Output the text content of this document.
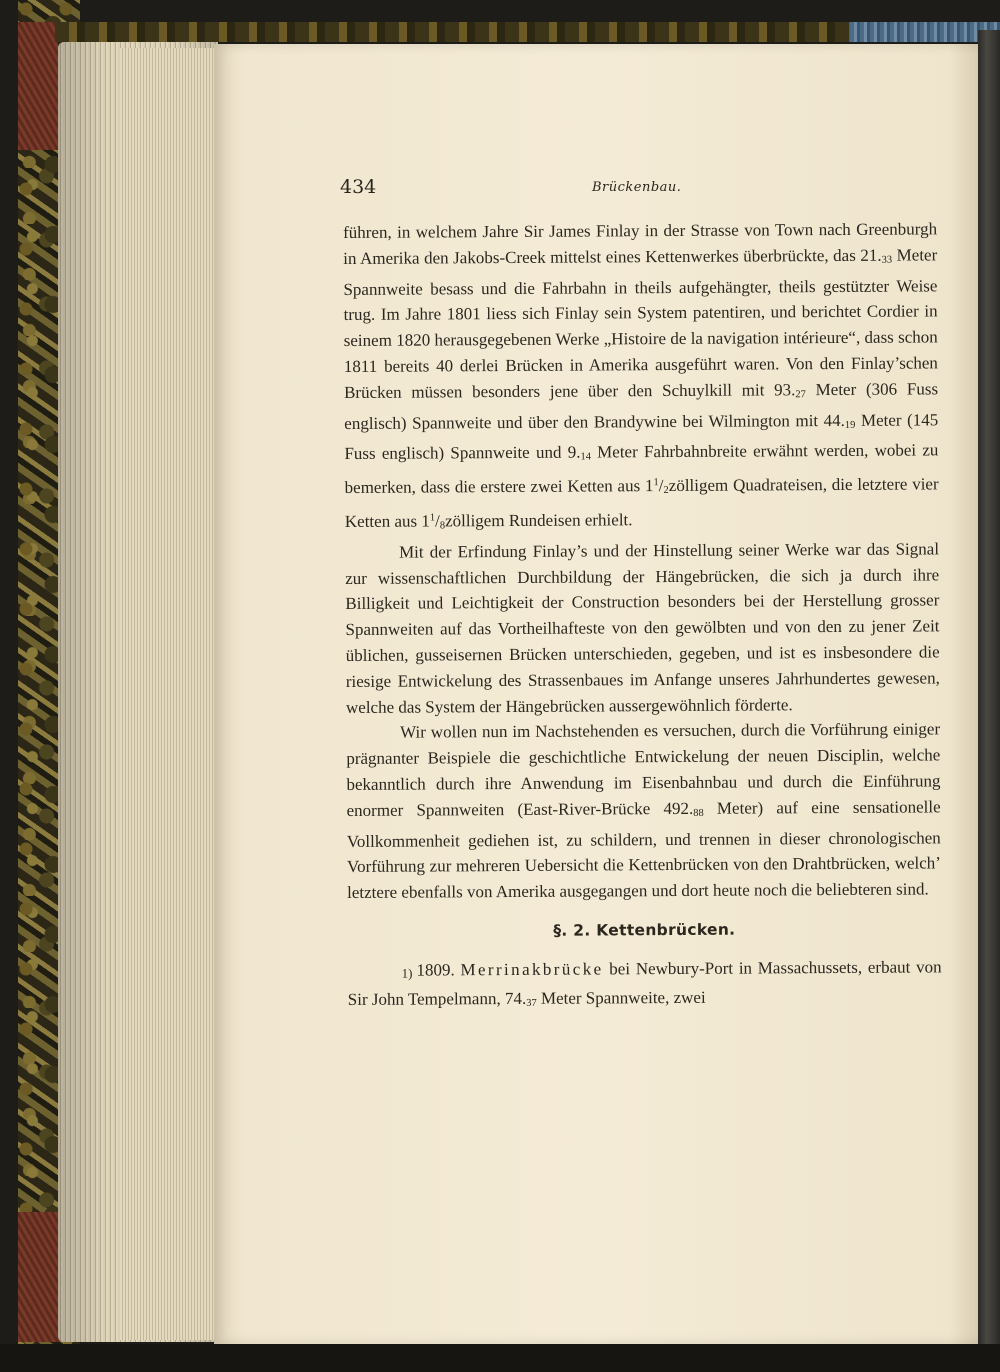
434	Brückenbau.

führen, in welchem Jahre Sir James Finlay in der Strasse von Town nach Greenburgh in Amerika den Jakobs-Creek mittelst eines Kettenwerkes überbrückte, das 21.33 Meter Spannweite besass und die Fahrbahn in theils aufgehängter, theils gestützter Weise trug. Im Jahre 1801 liess sich Finlay sein System patentiren, und berichtet Cordier in seinem 1820 herausgegebenen Werke „Histoire de la navigation intérieure“, dass schon 1811 bereits 40 derlei Brücken in Amerika ausgeführt waren. Von den Finlay’schen Brücken müssen besonders jene über den Schuylkill mit 93.27 Meter (306 Fuss englisch) Spannweite und über den Brandywine bei Wilmington mit 44.19 Meter (145 Fuss englisch) Spannweite und 9.14 Meter Fahrbahnbreite erwähnt werden, wobei zu bemerken, dass die erstere zwei Ketten aus $1^1/2zölligem$ Quadrateisen, die letztere vier Ketten aus $1^1/8zölligem$ Rundeisen erhielt.

Mit der Erfindung Finlay’s und der Hinstellung seiner Werke war das Signal zur wissenschaftlichen Durchbildung der Hängebrücken, die sich ja durch ihre Billigkeit und Leichtigkeit der Construction besonders bei der Herstellung grosser Spannweiten auf das Vortheilhafteste von den gewölbten und von den zu jener Zeit üblichen, gusseisernen Brücken unterschieden, gegeben, und ist es insbesondere die riesige Entwickelung des Strassenbaues im Anfange unseres Jahrhundertes gewesen, welche das System der Hängebrücken aussergewöhnlich förderte.

Wir wollen nun im Nachstehenden es versuchen, durch die Vorführung einiger prägnanter Beispiele die geschichtliche Entwickelung der neuen Disciplin, welche bekanntlich durch ihre Anwendung im Eisenbahnbau und durch die Einführung enormer Spannweiten (East-River-Brücke 492.88 Meter) auf eine sensationelle Vollkommenheit gediehen ist, zu schildern, und trennen in dieser chronologischen Vorführung zur mehreren Uebersicht die Kettenbrücken von den Drahtbrücken, welch’ letztere ebenfalls von Amerika ausgegangen und dort heute noch die beliebteren sind.

§. 2. Kettenbrücken.

1) 1809. Merrinakbrücke bei Newbury-Port in Massachussets, erbaut von Sir John Tempelmann, 74.37 Meter Spannweite, zwei
